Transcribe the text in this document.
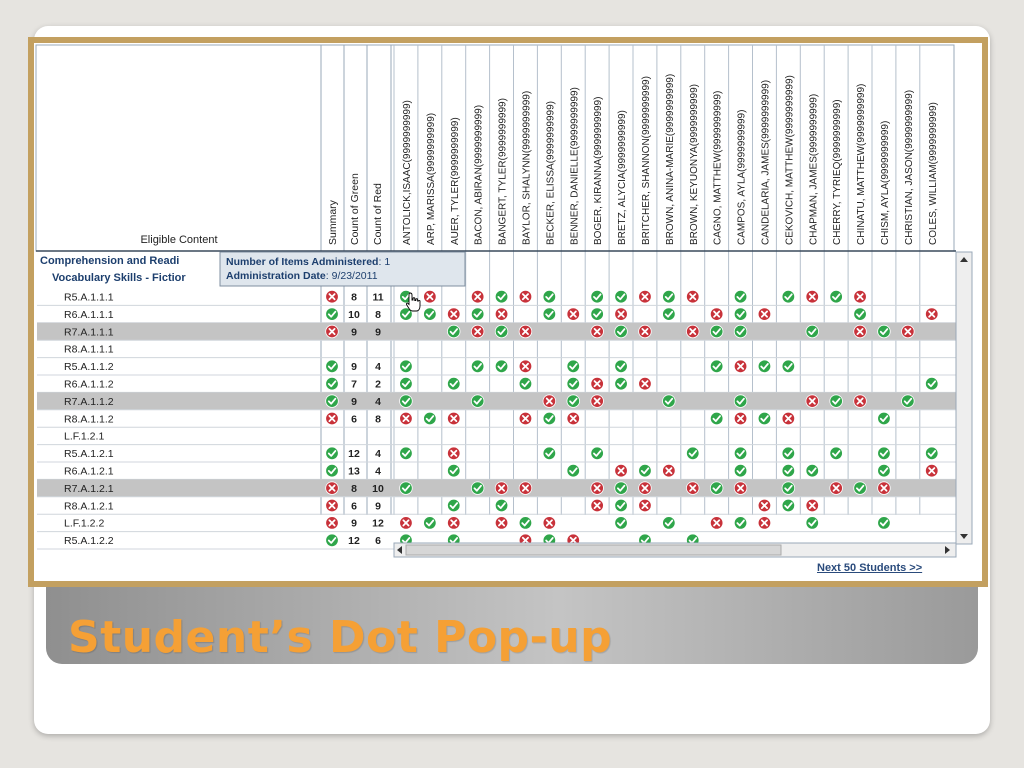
Student’s Dot Pop-up
Eligible Content	Summary Count of Green Count of Red ANTOLICK,ISAAC(9999999999) ARP, MARISSA(9999999999) AUER, TYLER(9999999999) BACON, ABIRAN(9999999999) BANGERT, TYLER(9999999999) BAYLOR, SHALYNN(9999999999) BECKER, ELISSA(9999999999) BENNER, DANIELLE(9999999999) BOGER, KIRANNA(9999999999) BRETZ, ALYCIA(9999999999) BRITCHER, SHANNON(9999999999) BROWN, ANINA-MARIE(9999999999) BROWN, KEYUONYA(9999999999) CAGNO, MATTHEW(9999999999) CAMPOS, AYLA(9999999999) CANDELARIA, JAMES(9999999999) CEKOVICH, MATTHEW(9999999999) CHAPMAN, JAMES(9999999999) CHERRY, TYRIEQ(9999999999) CHINATU, MATTHEW(9999999999) CHISM, AYLA(9999999999) CHRISTIAN, JASON(9999999999) COLES, WILLIAM(9999999999)
Comprehension and Readi
Vocabulary Skills - Fictior
R5.A.1.1.1	8 11
R6.A.1.1.1	10 8
R7.A.1.1.1	9 9
R8.A.1.1.1
R5.A.1.1.2	9 4
R6.A.1.1.2	7 2
R7.A.1.1.2	9 4
R8.A.1.1.2	6 8
L.F.1.2.1
R5.A.1.2.1	12 4
R6.A.1.2.1	13 4
R7.A.1.2.1	8 10
R8.A.1.2.1	6 9
L.F.1.2.2	9 12
R5.A.1.2.2	12 6
Number of Items Administered: 1
Administration Date: 9/23/2011
Next 50 Students >>
